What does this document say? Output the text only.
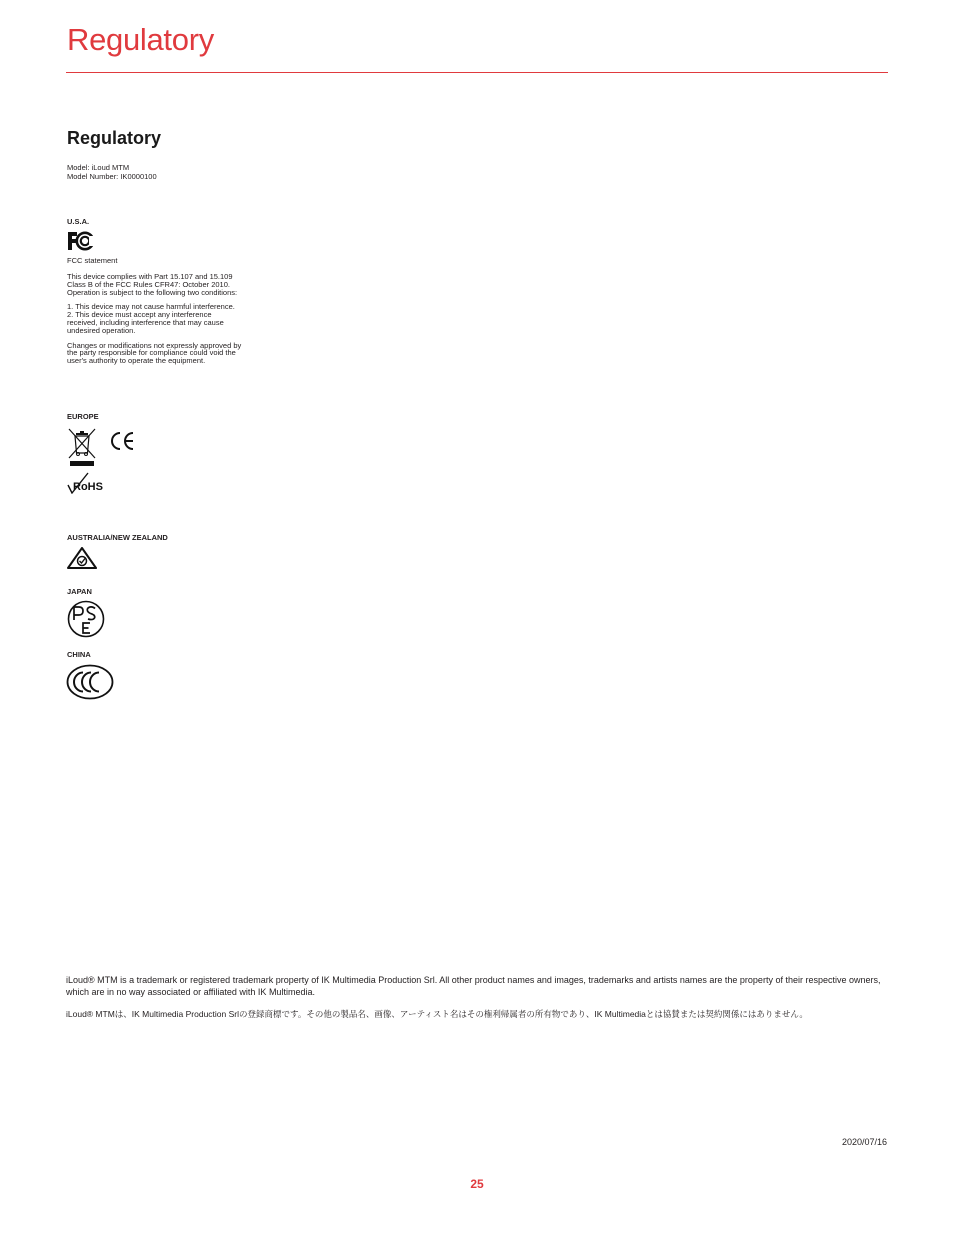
Regulatory
Regulatory
Model: iLoud MTM
Model Number: IK0000100
U.S.A.
FCC statement

This device complies with Part 15.107 and 15.109 Class B of the FCC Rules CFR47: October 2010. Operation is subject to the following two conditions:

1. This device may not cause harmful interference.
2. This device must accept any interference received, including interference that may cause undesired operation.

Changes or modifications not expressly approved by the party responsible for compliance could void the user's authority to operate the equipment.

EUROPE
RoHS
AUSTRALIA/NEW ZEALAND
JAPAN
CHINA
iLoud® MTM is a trademark or registered trademark property of IK Multimedia Production Srl. All other product names and images, trademarks and artists names are the property of their respective owners, which are in no way associated or affiliated with IK Multimedia.
iLoud® MTMは、IK Multimedia Production Srlの登録商標です。その他の製品名、画像、アーティスト名はその権利帰属者の所有物であり、IK Multimediaとは協賛または契約関係にはありません。
2020/07/16
25
